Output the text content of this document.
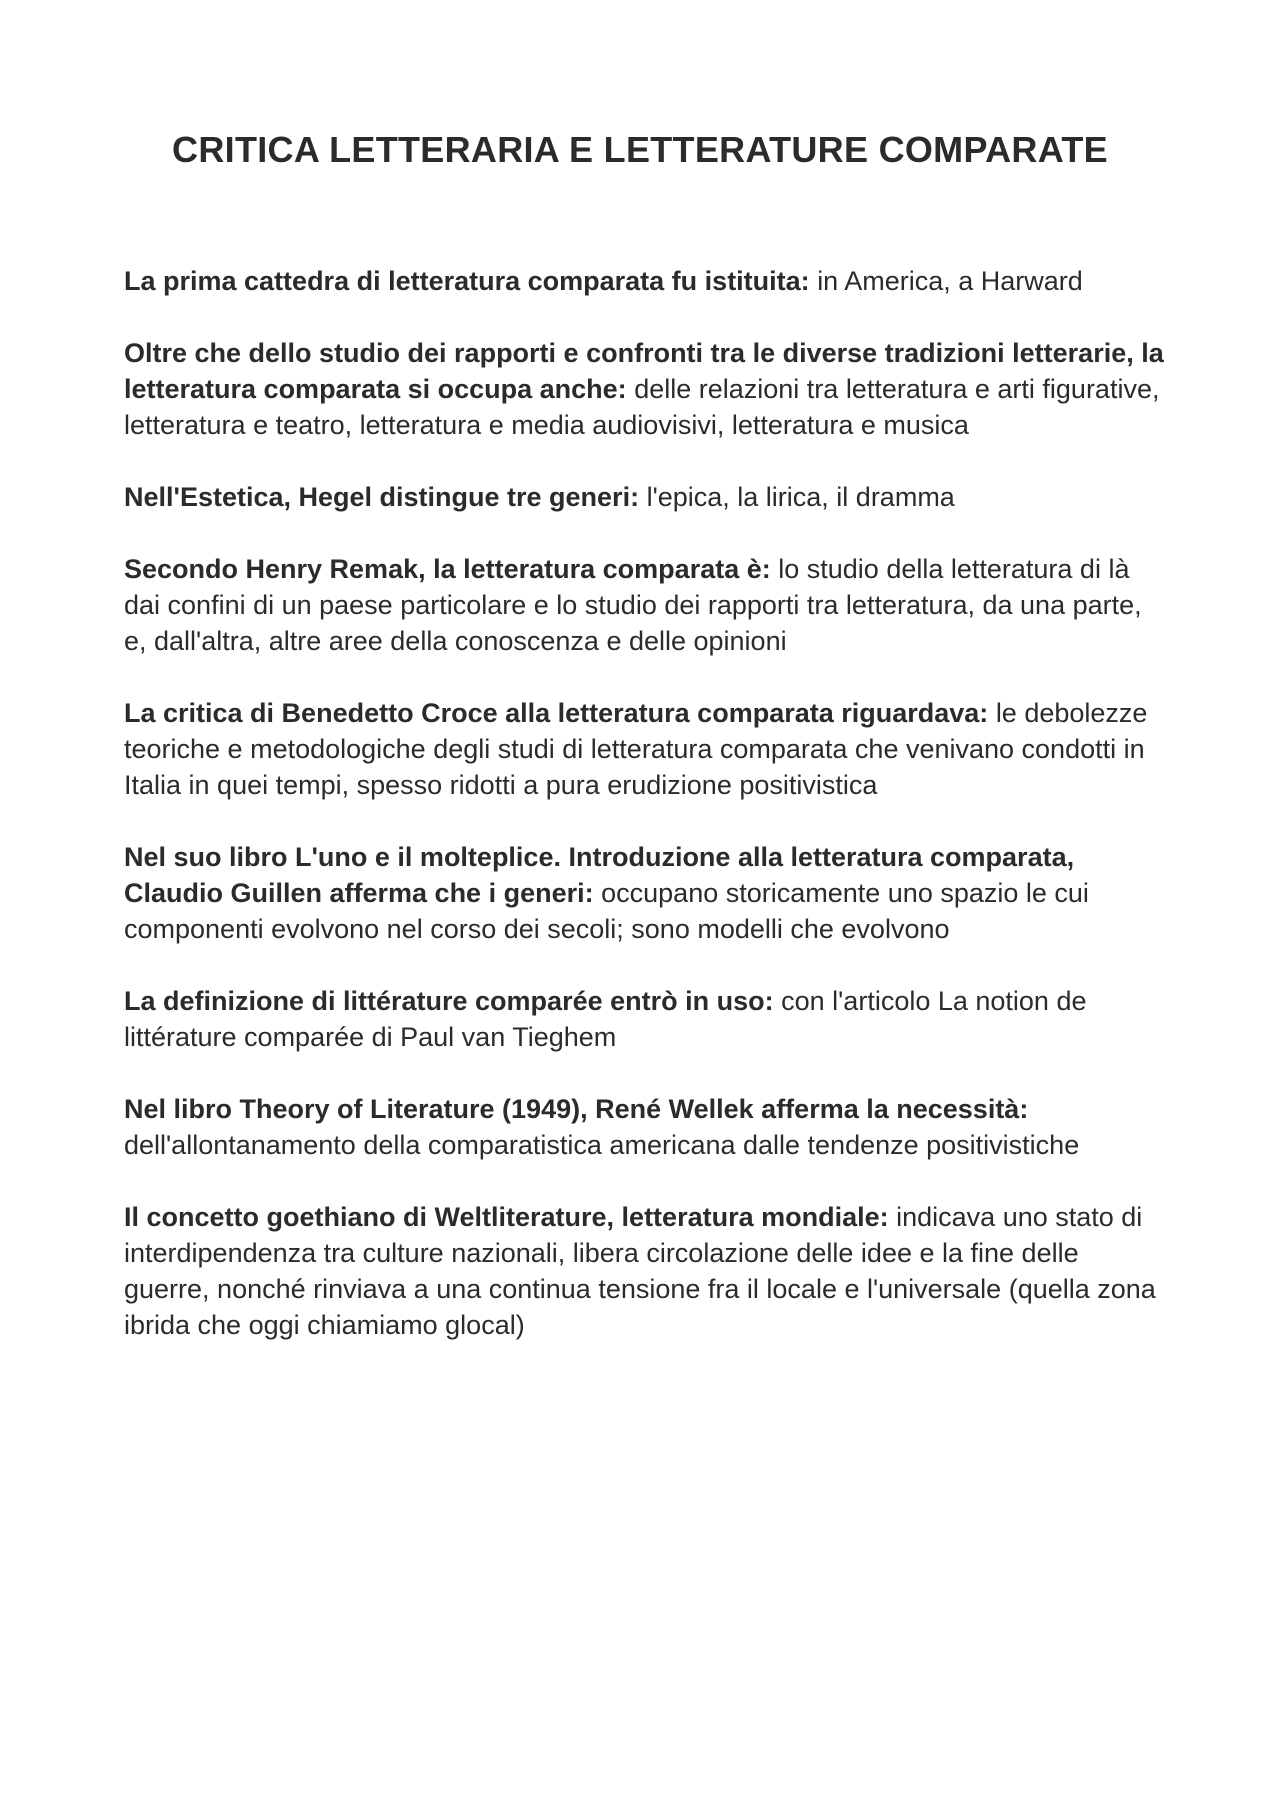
CRITICA LETTERARIA E LETTERATURE COMPARATE

La prima cattedra di letteratura comparata fu istituita: in America, a Harward

Oltre che dello studio dei rapporti e confronti tra le diverse tradizioni letterarie, la letteratura comparata si occupa anche: delle relazioni tra letteratura e arti figurative, letteratura e teatro, letteratura e media audiovisivi, letteratura e musica

Nell'Estetica, Hegel distingue tre generi: l'epica, la lirica, il dramma

Secondo Henry Remak, la letteratura comparata è: lo studio della letteratura di là dai confini di un paese particolare e lo studio dei rapporti tra letteratura, da una parte, e, dall'altra, altre aree della conoscenza e delle opinioni

La critica di Benedetto Croce alla letteratura comparata riguardava: le debolezze teoriche e metodologiche degli studi di letteratura comparata che venivano condotti in Italia in quei tempi, spesso ridotti a pura erudizione positivistica

Nel suo libro L'uno e il molteplice. Introduzione alla letteratura comparata, Claudio Guillen afferma che i generi: occupano storicamente uno spazio le cui componenti evolvono nel corso dei secoli; sono modelli che evolvono

La definizione di littérature comparée entrò in uso: con l'articolo La notion de littérature comparée di Paul van Tieghem

Nel libro Theory of Literature (1949), René Wellek afferma la necessità: dell'allontanamento della comparatistica americana dalle tendenze positivistiche

Il concetto goethiano di Weltliterature, letteratura mondiale: indicava uno stato di interdipendenza tra culture nazionali, libera circolazione delle idee e la fine delle guerre, nonché rinviava a una continua tensione fra il locale e l'universale (quella zona ibrida che oggi chiamiamo glocal)
